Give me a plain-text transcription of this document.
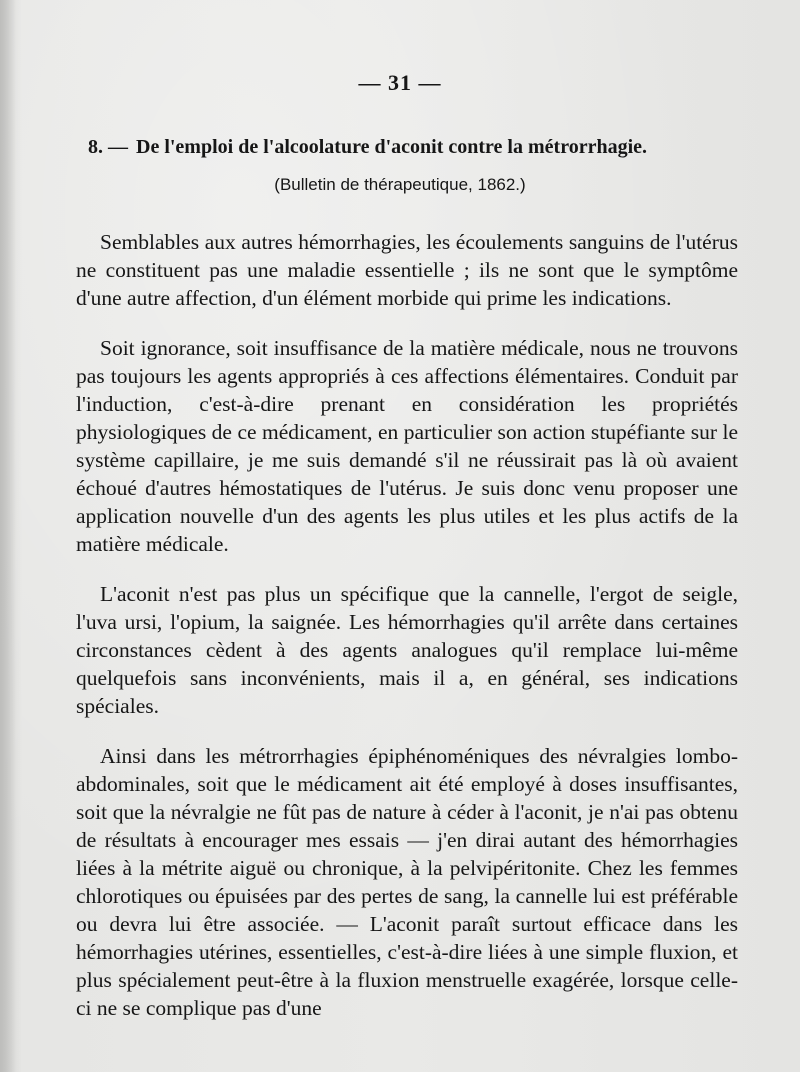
— 31 —
8. — De l'emploi de l'alcoolature d'aconit contre la métrorrhagie.
(Bulletin de thérapeutique, 1862.)

Semblables aux autres hémorrhagies, les écoulements sanguins de l'utérus ne constituent pas une maladie essentielle ; ils ne sont que le symptôme d'une autre affection, d'un élément morbide qui prime les indications.

Soit ignorance, soit insuffisance de la matière médicale, nous ne trouvons pas toujours les agents appropriés à ces affections élémentaires. Conduit par l'induction, c'est-à-dire prenant en considération les propriétés physiologiques de ce médicament, en particulier son action stupéfiante sur le système capillaire, je me suis demandé s'il ne réussirait pas là où avaient échoué d'autres hémostatiques de l'utérus. Je suis donc venu proposer une application nouvelle d'un des agents les plus utiles et les plus actifs de la matière médicale.

L'aconit n'est pas plus un spécifique que la cannelle, l'ergot de seigle, l'uva ursi, l'opium, la saignée. Les hémorrhagies qu'il arrête dans certaines circonstances cèdent à des agents analogues qu'il remplace lui-même quelquefois sans inconvénients, mais il a, en général, ses indications spéciales.

Ainsi dans les métrorrhagies épiphénoméniques des névralgies lombo-abdominales, soit que le médicament ait été employé à doses insuffisantes, soit que la névralgie ne fût pas de nature à céder à l'aconit, je n'ai pas obtenu de résultats à encourager mes essais — j'en dirai autant des hémorrhagies liées à la métrite aiguë ou chronique, à la pelvipéritonite. Chez les femmes chlorotiques ou épuisées par des pertes de sang, la cannelle lui est préférable ou devra lui être associée. — L'aconit paraît surtout efficace dans les hémorrhagies utérines, essentielles, c'est-à-dire liées à une simple fluxion, et plus spécialement peut-être à la fluxion menstruelle exagérée, lorsque celle-ci ne se complique pas d'une
